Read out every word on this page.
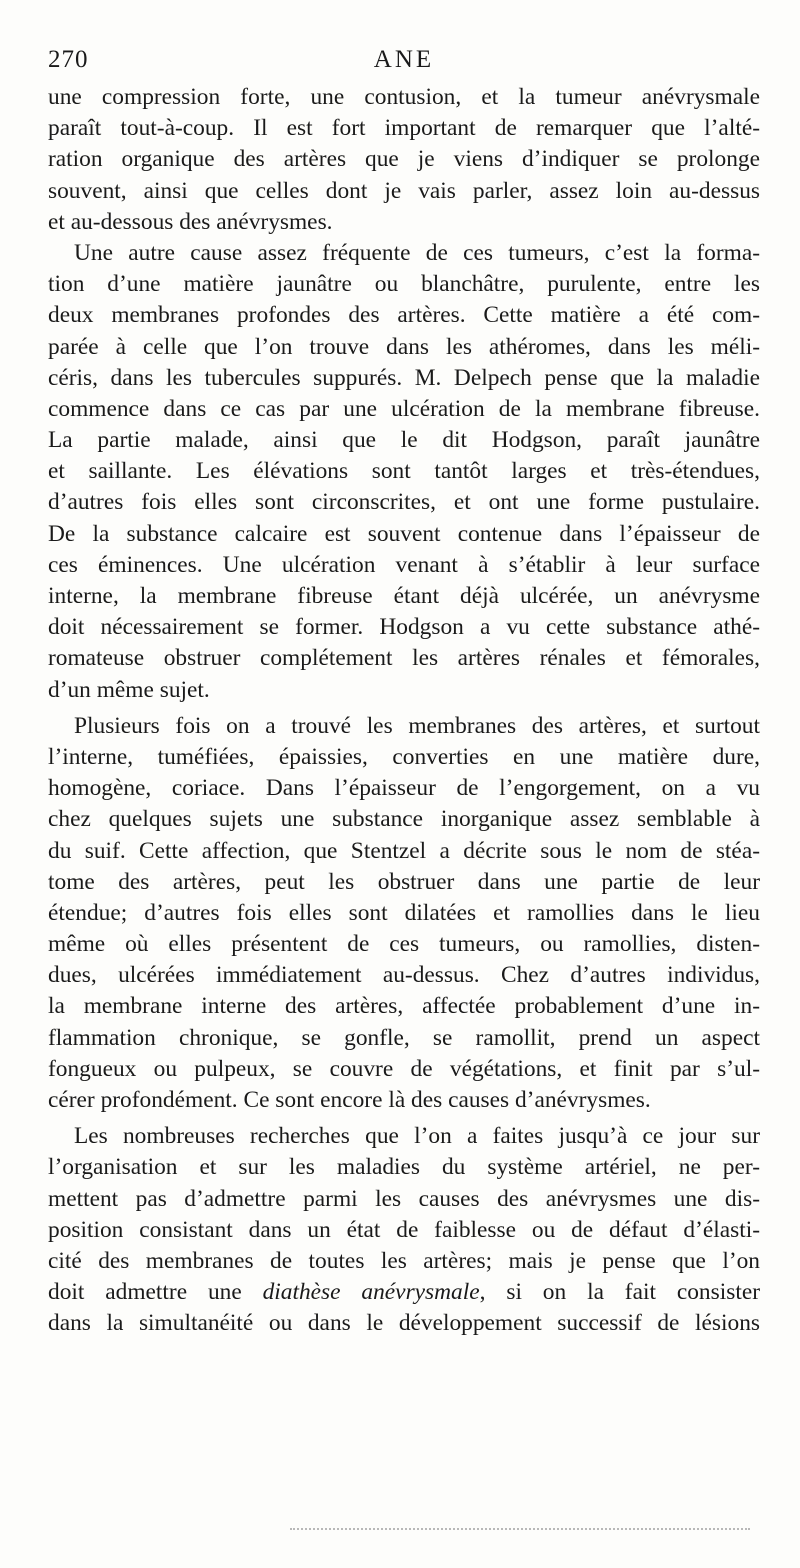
270	ANE
une compression forte, une contusion, et la tumeur anévrysmale
paraît tout-à-coup. Il est fort important de remarquer que l’alté-
ration organique des artères que je viens d’indiquer se prolonge
souvent, ainsi que celles dont je vais parler, assez loin au-dessus
et au-dessous des anévrysmes.
Une autre cause assez fréquente de ces tumeurs, c’est la forma-
tion d’une matière jaunâtre ou blanchâtre, purulente, entre les
deux membranes profondes des artères. Cette matière a été com-
parée à celle que l’on trouve dans les athéromes, dans les méli-
céris, dans les tubercules suppurés. M. Delpech pense que la maladie
commence dans ce cas par une ulcération de la membrane fibreuse.
La partie malade, ainsi que le dit Hodgson, paraît jaunâtre
et saillante. Les élévations sont tantôt larges et très-étendues,
d’autres fois elles sont circonscrites, et ont une forme pustulaire.
De la substance calcaire est souvent contenue dans l’épaisseur de
ces éminences. Une ulcération venant à s’établir à leur surface
interne, la membrane fibreuse étant déjà ulcérée, un anévrysme
doit nécessairement se former. Hodgson a vu cette substance athé-
romateuse obstruer complétement les artères rénales et fémorales,
d’un même sujet.
Plusieurs fois on a trouvé les membranes des artères, et surtout
l’interne, tuméfiées, épaissies, converties en une matière dure,
homogène, coriace. Dans l’épaisseur de l’engorgement, on a vu
chez quelques sujets une substance inorganique assez semblable à
du suif. Cette affection, que Stentzel a décrite sous le nom de stéa-
tome des artères, peut les obstruer dans une partie de leur
étendue; d’autres fois elles sont dilatées et ramollies dans le lieu
même où elles présentent de ces tumeurs, ou ramollies, disten-
dues, ulcérées immédiatement au-dessus. Chez d’autres individus,
la membrane interne des artères, affectée probablement d’une in-
flammation chronique, se gonfle, se ramollit, prend un aspect
fongueux ou pulpeux, se couvre de végétations, et finit par s’ul-
cérer profondément. Ce sont encore là des causes d’anévrysmes.
Les nombreuses recherches que l’on a faites jusqu’à ce jour sur
l’organisation et sur les maladies du système artériel, ne per-
mettent pas d’admettre parmi les causes des anévrysmes une dis-
position consistant dans un état de faiblesse ou de défaut d’élasti-
cité des membranes de toutes les artères; mais je pense que l’on
doit admettre une diathèse anévrysmale, si on la fait consister
dans la simultanéité ou dans le développement successif de lésions
